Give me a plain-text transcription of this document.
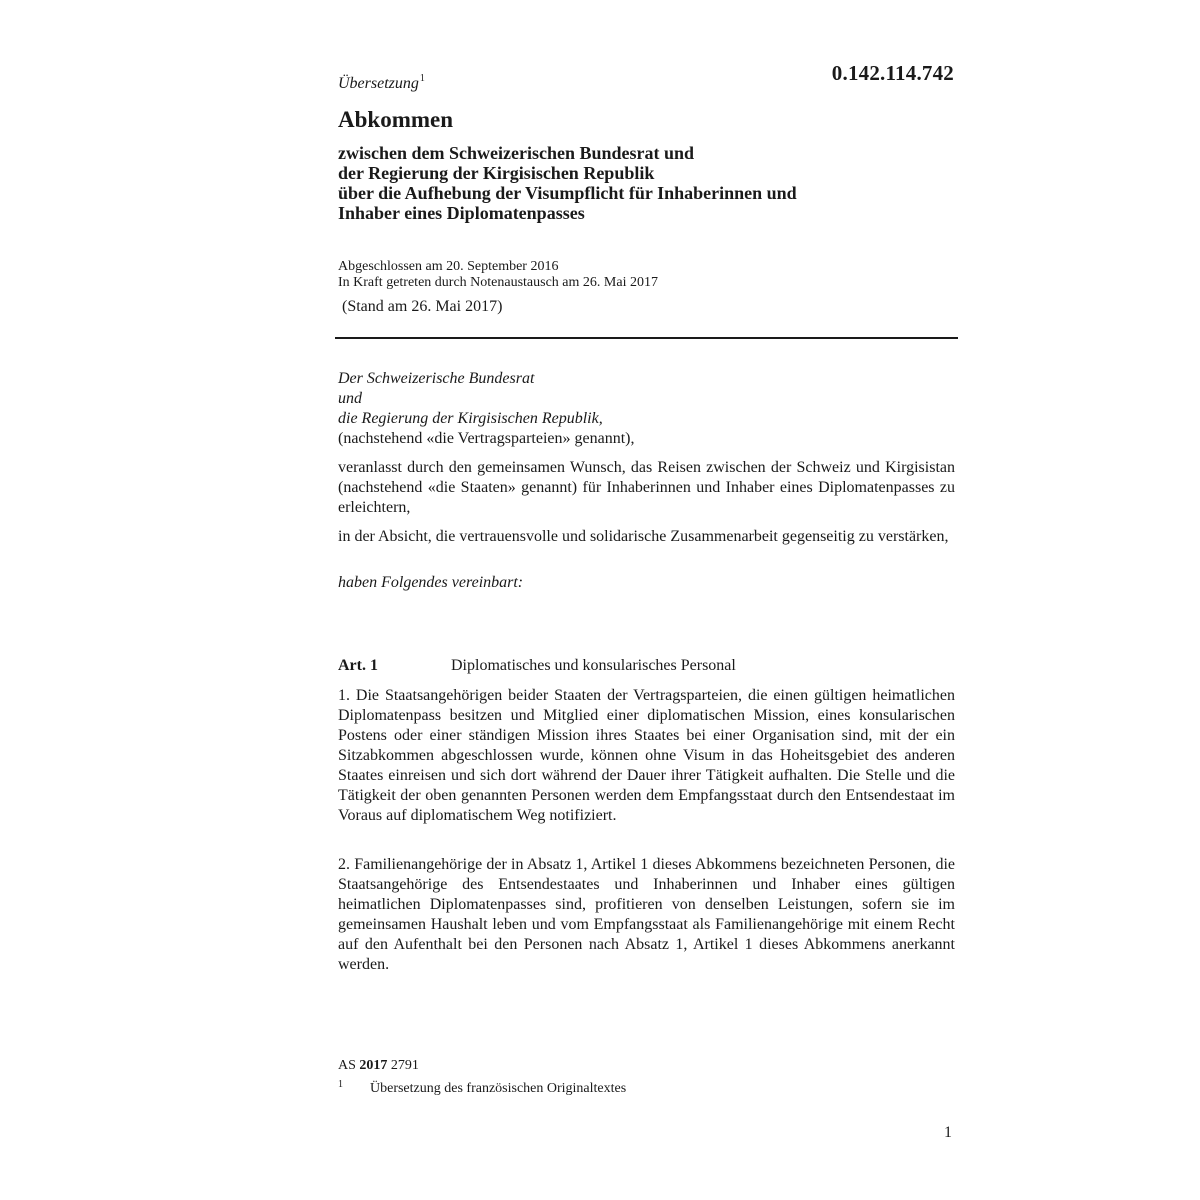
Übersetzung$^1$	0.142.114.742
Abkommen
zwischen dem Schweizerischen Bundesrat und
der Regierung der Kirgisischen Republik
über die Aufhebung der Visumpflicht für Inhaberinnen und
Inhaber eines Diplomatenpasses
Abgeschlossen am 20. September 2016
In Kraft getreten durch Notenaustausch am 26. Mai 2017
(Stand am 26. Mai 2017)
Der Schweizerische Bundesrat
und
die Regierung der Kirgisischen Republik,
(nachstehend «die Vertragsparteien» genannt),
veranlasst durch den gemeinsamen Wunsch, das Reisen zwischen der Schweiz und Kirgisistan (nachstehend «die Staaten» genannt) für Inhaberinnen und Inhaber eines Diplomatenpasses zu erleichtern,
in der Absicht, die vertrauensvolle und solidarische Zusammenarbeit gegenseitig zu verstärken,
haben Folgendes vereinbart:
Art. 1	Diplomatisches und konsularisches Personal
1. Die Staatsangehörigen beider Staaten der Vertragsparteien, die einen gültigen heimatlichen Diplomatenpass besitzen und Mitglied einer diplomatischen Mission, eines konsularischen Postens oder einer ständigen Mission ihres Staates bei einer Organisation sind, mit der ein Sitzabkommen abgeschlossen wurde, können ohne Visum in das Hoheitsgebiet des anderen Staates einreisen und sich dort während der Dauer ihrer Tätigkeit aufhalten. Die Stelle und die Tätigkeit der oben genannten Personen werden dem Empfangsstaat durch den Entsendestaat im Voraus auf diplomatischem Weg notifiziert.
2. Familienangehörige der in Absatz 1, Artikel 1 dieses Abkommens bezeichneten Personen, die Staatsangehörige des Entsendestaates und Inhaberinnen und Inhaber eines gültigen heimatlichen Diplomatenpasses sind, profitieren von denselben Leistungen, sofern sie im gemeinsamen Haushalt leben und vom Empfangsstaat als Familienangehörige mit einem Recht auf den Aufenthalt bei den Personen nach Absatz 1, Artikel 1 dieses Abkommens anerkannt werden.
AS 2017 2791
1 Übersetzung des französischen Originaltextes
1
